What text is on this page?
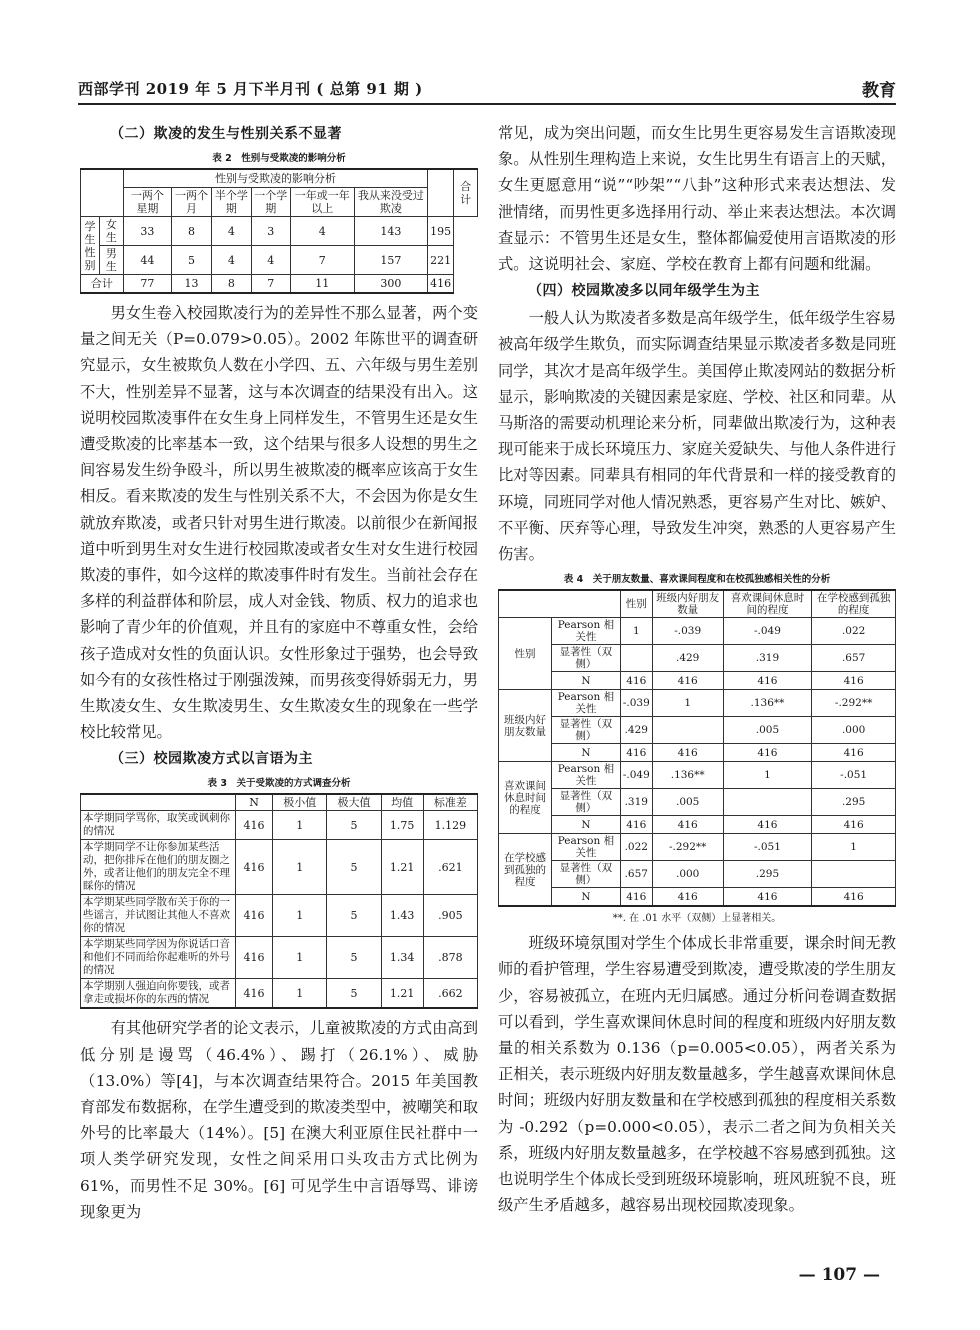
西部学刊 2019 年 5 月下半月刊 ( 总第 91 期 )	教育
（二）欺凌的发生与性别关系不显著
表 2　性别与受欺凌的影响分析
		性别与受欺凌的影响分析							合计
		一两个星期	一两个月	半个学期	一个学期	一年或一年以上	我从来没受过欺凌		
学生性别	女生	33	8	4	3	4	143	195	
	男生	44	5	4	4	7	157	221	
合计		77	13	8	7	11	300	416	

男女生卷入校园欺凌行为的差异性不那么显著，两个变量之间无关（P=0.079>0.05）。2002 年陈世平的调查研究显示，女生被欺负人数在小学四、五、六年级与男生差别不大，性别差异不显著，这与本次调查的结果没有出入。这说明校园欺凌事件在女生身上同样发生，不管男生还是女生遭受欺凌的比率基本一致，这个结果与很多人设想的男生之间容易发生纷争殴斗，所以男生被欺凌的概率应该高于女生相反。看来欺凌的发生与性别关系不大，不会因为你是女生就放弃欺凌，或者只针对男生进行欺凌。以前很少在新闻报道中听到男生对女生进行校园欺凌或者女生对女生进行校园欺凌的事件，如今这样的欺凌事件时有发生。当前社会存在多样的利益群体和阶层，成人对金钱、物质、权力的追求也影响了青少年的价值观，并且有的家庭中不尊重女性，会给孩子造成对女性的负面认识。女性形象过于强势，也会导致如今有的女孩性格过于刚强泼辣，而男孩变得娇弱无力，男生欺凌女生、女生欺凌男生、女生欺凌女生的现象在一些学校比较常见。

（三）校园欺凌方式以言语为主
表 3　关于受欺凌的方式调查分析
	N	极小值	极大值	均值	标准差
本学期同学骂你，取笑或讽刺你的情况	416	1	5	1.75	1.129
本学期同学不让你参加某些活动，把你排斥在他们的朋友圈之外，或者让他们的朋友完全不理睬你的情况	416	1	5	1.21	.621
本学期某些同学散布关于你的一些谣言，并试图让其他人不喜欢你的情况	416	1	5	1.43	.905
本学期某些同学因为你说话口音和他们不同而给你起难听的外号的情况	416	1	5	1.34	.878
本学期别人强迫向你要钱，或者拿走或损坏你的东西的情况	416	1	5	1.21	.662

有其他研究学者的论文表示，儿童被欺凌的方式由高到低分别是谩骂（46.4%）、踢打（26.1%）、威胁（13.0%）等[4]，与本次调查结果符合。2015 年美国教育部发布数据称，在学生遭受到的欺凌类型中，被嘲笑和取外号的比率最大（14%）。[5] 在澳大利亚原住民社群中一项人类学研究发现，女性之间采用口头攻击方式比例为 61%，而男性不足 30%。[6] 可见学生中言语辱骂、诽谤现象更为

常见，成为突出问题，而女生比男生更容易发生言语欺凌现象。从性别生理构造上来说，女生比男生有语言上的天赋，女生更愿意用“说”“吵架”“八卦”这种形式来表达想法、发泄情绪，而男性更多选择用行动、举止来表达想法。本次调查显示：不管男生还是女生，整体都偏爱使用言语欺凌的形式。这说明社会、家庭、学校在教育上都有问题和纰漏。

（四）校园欺凌多以同年级学生为主

一般人认为欺凌者多数是高年级学生，低年级学生容易被高年级学生欺负，而实际调查结果显示欺凌者多数是同班同学，其次才是高年级学生。美国停止欺凌网站的数据分析显示，影响欺凌的关键因素是家庭、学校、社区和同辈。从马斯洛的需要动机理论来分析，同辈做出欺凌行为，这种表现可能来于成长环境压力、家庭关爱缺失、与他人条件进行比对等因素。同辈具有相同的年代背景和一样的接受教育的环境，同班同学对他人情况熟悉，更容易产生对比、嫉妒、不平衡、厌弃等心理，导致发生冲突，熟悉的人更容易产生伤害。

表 4　关于朋友数量、喜欢课间程度和在校孤独感相关性的分析
		性别	班级内好朋友数量	喜欢课间休息时间的程度	在学校感到孤独的程度
性别	Pearson 相关性	1	-.039	-.049	.022
	显著性（双侧）		.429	.319	.657
	N	416	416	416	416
班级内好朋友数量	Pearson 相关性	-.039	1	.136**	-.292**
	显著性（双侧）	.429		.005	.000
	N	416	416	416	416
喜欢课间休息时间的程度	Pearson 相关性	-.049	.136**	1	-.051
	显著性（双侧）	.319	.005		.295
	N	416	416	416	416
在学校感到孤独的程度	Pearson 相关性	.022	-.292**	-.051	1
	显著性（双侧）	.657	.000	.295	
	N	416	416	416	416
**. 在 .01 水平（双侧）上显著相关。

班级环境氛围对学生个体成长非常重要，课余时间无教师的看护管理，学生容易遭受到欺凌，遭受欺凌的学生朋友少，容易被孤立，在班内无归属感。通过分析问卷调查数据可以看到，学生喜欢课间休息时间的程度和班级内好朋友数量的相关系数为 0.136（p=0.005<0.05），两者关系为正相关，表示班级内好朋友数量越多，学生越喜欢课间休息时间；班级内好朋友数量和在学校感到孤独的程度相关系数为 -0.292（p=0.000<0.05），表示二者之间为负相关关系，班级内好朋友数量越多，在学校越不容易感到孤独。这也说明学生个体成长受到班级环境影响，班风班貌不良，班级产生矛盾越多，越容易出现校园欺凌现象。

— 107 —
